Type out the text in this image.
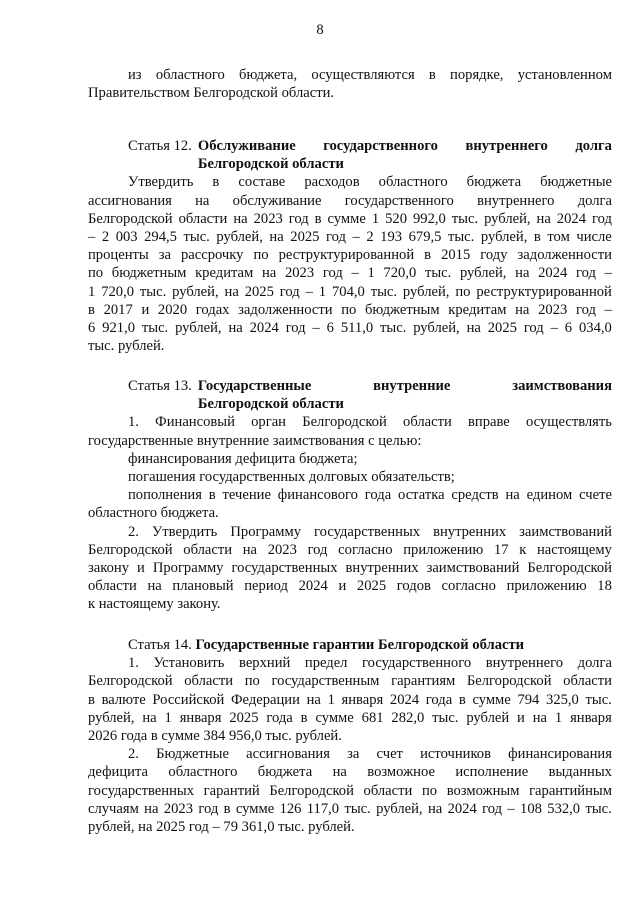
8
из областного бюджета, осуществляются в порядке, установленном
Правительством Белгородской области.
Статья 12. Обслуживание государственного внутреннего долга
Белгородской области
Утвердить в составе расходов областного бюджета бюджетные
ассигнования на обслуживание государственного внутреннего долга
Белгородской области на 2023 год в сумме 1 520 992,0 тыс. рублей, на 2024 год
– 2 003 294,5 тыс. рублей, на 2025 год – 2 193 679,5 тыс. рублей, в том числе
проценты за рассрочку по реструктурированной в 2015 году задолженности
по бюджетным кредитам на 2023 год – 1 720,0 тыс. рублей, на 2024 год –
1 720,0 тыс. рублей, на 2025 год – 1 704,0 тыс. рублей, по реструктурированной
в 2017 и 2020 годах задолженности по бюджетным кредитам на 2023 год –
6 921,0 тыс. рублей, на 2024 год – 6 511,0 тыс. рублей, на 2025 год – 6 034,0
тыс. рублей.
Статья 13. Государственные	внутренние	заимствования
Белгородской области
1. Финансовый орган Белгородской области вправе осуществлять
государственные внутренние заимствования с целью:
финансирования дефицита бюджета;
погашения государственных долговых обязательств;
пополнения в течение финансового года остатка средств на едином счете
областного бюджета.
2. Утвердить Программу государственных внутренних заимствований
Белгородской области на 2023 год согласно приложению 17 к настоящему
закону и Программу государственных внутренних заимствований Белгородской
области на плановый период 2024 и 2025 годов согласно приложению 18
к настоящему закону.
Статья 14. Государственные гарантии Белгородской области
1. Установить верхний предел государственного внутреннего долга
Белгородской области по государственным гарантиям Белгородской области
в валюте Российской Федерации на 1 января 2024 года в сумме 794 325,0 тыс.
рублей, на 1 января 2025 года в сумме 681 282,0 тыс. рублей и на 1 января
2026 года в сумме 384 956,0 тыс. рублей.
2. Бюджетные ассигнования за счет источников финансирования
дефицита областного бюджета на возможное исполнение выданных
государственных гарантий Белгородской области по возможным гарантийным
случаям на 2023 год в сумме 126 117,0 тыс. рублей, на 2024 год – 108 532,0 тыс.
рублей, на 2025 год – 79 361,0 тыс. рублей.
